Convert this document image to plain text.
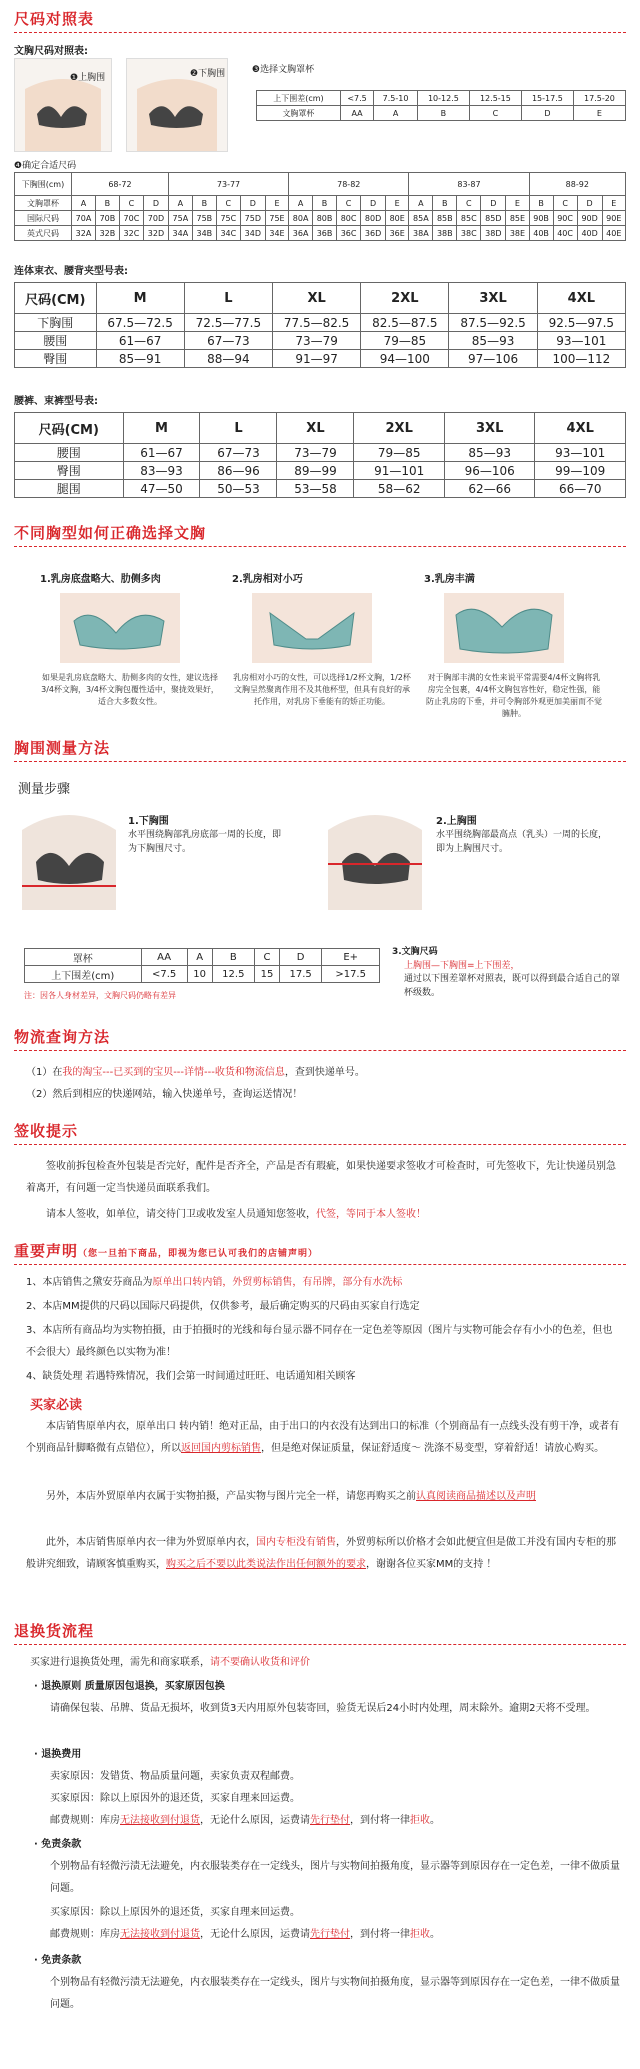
尺码对照表
文胸尺码对照表:
❶上胸围	❷下胸围	❸选择文胸罩杯
上下围差(cm)	<7.5	7.5-10	10-12.5	12.5-15	15-17.5	17.5-20
文胸罩杯	AA	A	B	C	D	E
❹确定合适尺码
下胸围(cm)	68-72				73-77					78-82					83-87					88-92			
文胸罩杯	A	B	C	D	A	B	C	D	E	A	B	C	D	E	A	B	C	D	E	B	C	D	E
国际尺码	70A	70B	70C	70D	75A	75B	75C	75D	75E	80A	80B	80C	80D	80E	85A	85B	85C	85D	85E	90B	90C	90D	90E
英式尺码	32A	32B	32C	32D	34A	34B	34C	34D	34E	36A	36B	36C	36D	36E	38A	38B	38C	38D	38E	40B	40C	40D	40E
连体束衣、腰背夹型号表:
尺码(CM)	M	L	XL	2XL	3XL	4XL
下胸围	67.5—72.5	72.5—77.5	77.5—82.5	82.5—87.5	87.5—92.5	92.5—97.5
腰围	61—67	67—73	73—79	79—85	85—93	93—101
臀围	85—91	88—94	91—97	94—100	97—106	100—112
腰裤、束裤型号表:
尺码(CM)	M	L	XL	2XL	3XL	4XL
腰围	61—67	67—73	73—79	79—85	85—93	93—101
臀围	83—93	86—96	89—99	91—101	96—106	99—109
腿围	47—50	50—53	53—58	58—62	62—66	66—70
不同胸型如何正确选择文胸
1.乳房底盘略大、肋侧多肉
如果是乳房底盘略大、肋侧多肉的女性，建议选择3/4杯文胸，3/4杯文胸包覆性适中，聚拢效果好，适合大多数女性。
2.乳房相对小巧
乳房相对小巧的女性，可以选择1/2杯文胸，1/2杯文胸呈然聚离作用不及其他杯型，但具有良好的承托作用，对乳房下垂能有的矫正功能。
3.乳房丰满
对于胸部丰满的女性来说平常需要4/4杯文胸将乳房完全包裹，4/4杯文胸包容性好，稳定性强，能防止乳房的下垂，并可令胸部外观更加美丽而不觉臃肿。
胸围测量方法
测量步骤
1.下胸围
水平围绕胸部乳房底部一周的长度，即为下胸围尺寸。
2.上胸围
水平围绕胸部最高点（乳头）一周的长度，即为上胸围尺寸。
罩杯	AA	A	B	C	D	E+
上下围差(cm)	<7.5	10	12.5	15	17.5	>17.5
注：因各人身材差异，文胸尺码仍略有差异
3.文胸尺码
上胸围—下胸围=上下围差，
通过以下围差罩杯对照表，既可以得到最合适自己的罩杯级数。
物流查询方法

（1）在我的淘宝---已买到的宝贝---详情---收货和物流信息，查到快递单号。

（2）然后到相应的快递网站，输入快递单号，查询运送情况！

签收提示

签收前拆包检查外包装是否完好，配件是否齐全，产品是否有瑕疵，如果快递要求签收才可检查时，可先签收下，先让快递员别急着离开，有问题一定当快递员面联系我们。

请本人签收，如单位，请交待门卫或收发室人员通知您签收，代签，等同于本人签收！

重要声明（您一旦拍下商品，即视为您已认可我们的店铺声明）

1、本店销售之黛安芬商品为原单出口转内销，外贸剪标销售，有吊牌，部分有水洗标

2、本店MM提供的尺码以国际尺码提供，仅供参考，最后确定购买的尺码由买家自行选定

3、本店所有商品均为实物拍摄，由于拍摄时的光线和每台显示器不同存在一定色差等原因（图片与实物可能会存有小小的色差，但也不会很大）最终颜色以实物为准！

4、缺货处理 若遇特殊情况，我们会第一时间通过旺旺、电话通知相关顾客

买家必读

本店销售原单内衣，原单出口 转内销！绝对正品，由于出口的内衣没有达到出口的标准（个别商品有一点线头没有剪干净，或者有个别商品针脚略微有点错位），所以返回国内剪标销售，但是绝对保证质量，保证舒适度～ 洗涤不易变型，穿着舒适！请放心购买。

另外，本店外贸原单内衣属于实物拍摄，产品实物与图片完全一样，请您再购买之前认真阅读商品描述以及声明

此外，本店销售原单内衣一律为外贸原单内衣，国内专柜没有销售，外贸剪标所以价格才会如此便宜但是做工并没有国内专柜的那般讲究细致，请顾客慎重购买，购买之后不要以此类说法作出任何额外的要求，谢谢各位买家MM的支持 ！

退换货流程

买家进行退换货处理，需先和商家联系，请不要确认收货和评价

· 退换原则 质量原因包退换，买家原因包换

请确保包装、吊牌、货品无损坏，收到货3天内用原外包装寄回，验货无误后24小时内处理，周末除外。逾期2天将不受理。

· 退换费用

卖家原因：发错货、物品质量问题，卖家负责双程邮费。

买家原因：除以上原因外的退还货，买家自理来回运费。

邮费规则：库房无法接收到付退货，无论什么原因，运费请先行垫付，到付将一律拒收。

· 免责条款

个别物品有轻微污渍无法避免，内衣服装类存在一定线头，图片与实物间拍摄角度，显示器等到原因存在一定色差，一律不做质量问题。

买家原因：除以上原因外的退还货，买家自理来回运费。

邮费规则：库房无法接收到付退货，无论什么原因，运费请先行垫付，到付将一律拒收。

· 免责条款

个别物品有轻微污渍无法避免，内衣服装类存在一定线头，图片与实物间拍摄角度，显示器等到原因存在一定色差，一律不做质量问题。
